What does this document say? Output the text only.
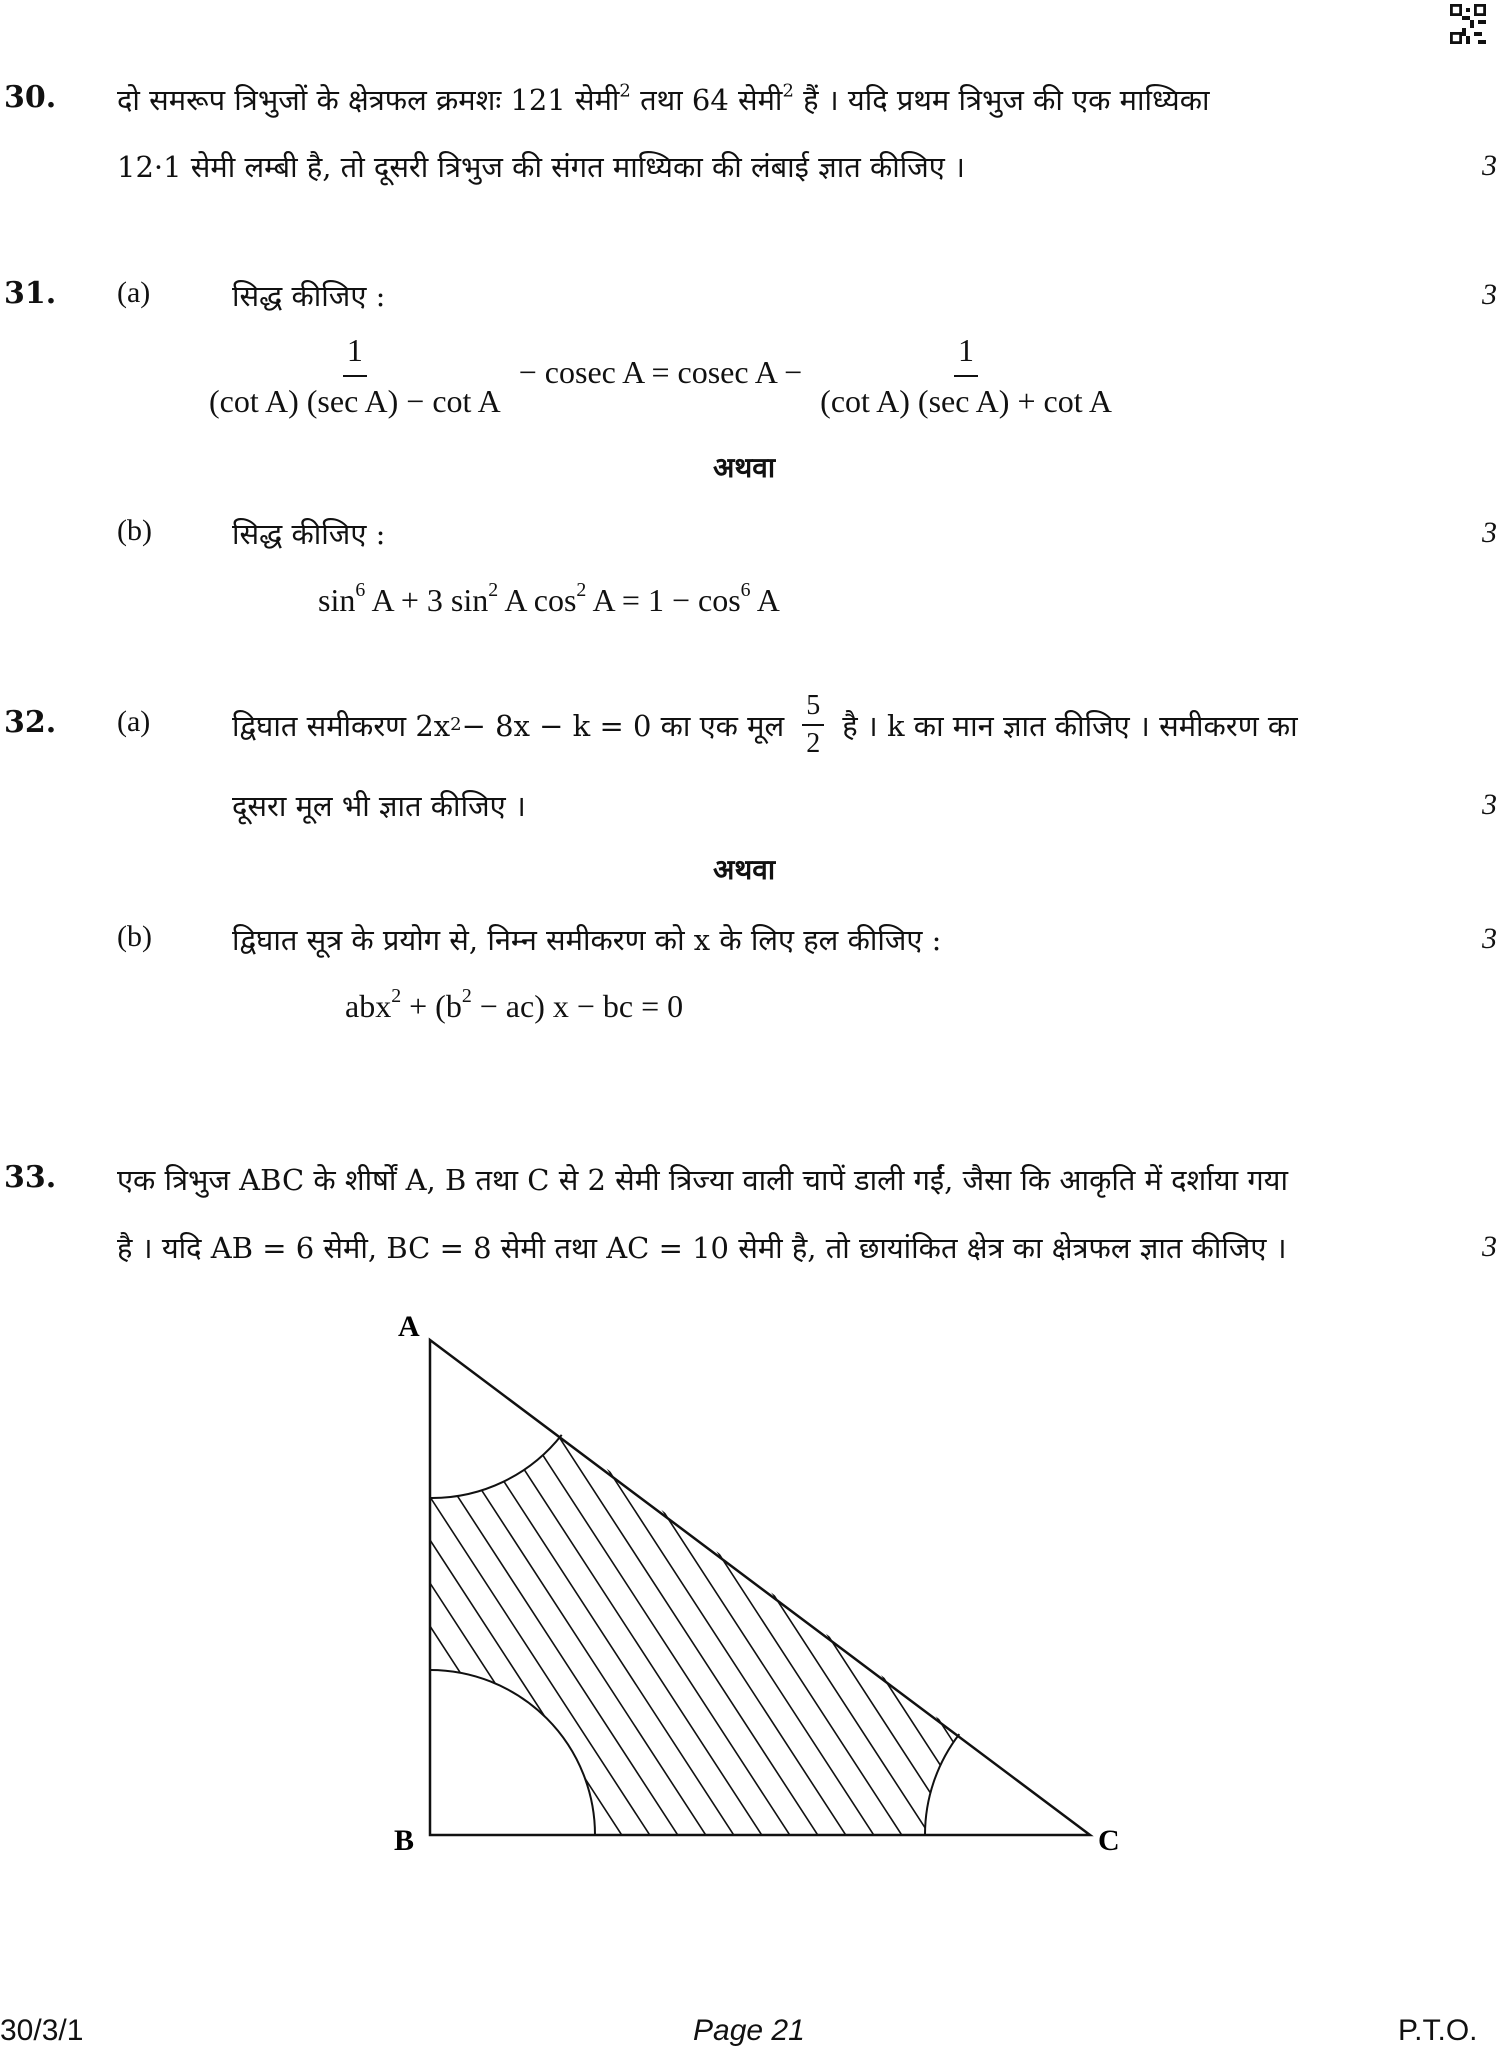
30. दो समरूप त्रिभुजों के क्षेत्रफल क्रमशः 121 सेमी$^2$ तथा 64 सेमी$^2$ हैं । यदि प्रथम त्रिभुज की एक माध्यिका
12·1 सेमी लम्बी है, तो दूसरी त्रिभुज की संगत माध्यिका की लंबाई ज्ञात कीजिए ।	3
31. (a)	सिद्ध कीजिए :	3
$\frac{1}{\text{(cot A) (sec A) − cot A}} - cosec$ A = cosec $A - \frac{1}{\text{(cot A) (sec A) + cot A}}$
अथवा
(b)	सिद्ध कीजिए :	3
$\sin^6 A + 3$ $\sin^2 A$ $\cos^2 A = 1 - \cos^6 A$
32. (a)	द्विघात समीकरण 2x 2 − 8x − k = 0 का एक मूल $\frac{5}{2}$ है । k का मान ज्ञात कीजिए । समीकरण का
दूसरा मूल भी ज्ञात कीजिए ।	3
अथवा
(b)	द्विघात सूत्र के प्रयोग से, निम्न समीकरण को x के लिए हल कीजिए :	3
$abx^2 + (b^2 - ac) x$ − bc = 0
33. एक त्रिभुज ABC के शीर्षों A, B तथा C से 2 सेमी त्रिज्या वाली चापें डाली गईं, जैसा कि आकृति में दर्शाया गया
है । यदि AB = 6 सेमी, BC = 8 सेमी तथा AC = 10 सेमी है, तो छायांकित क्षेत्र का क्षेत्रफल ज्ञात कीजिए ।	3
A
B	C
30/3/1	Page 21	P.T.O.
